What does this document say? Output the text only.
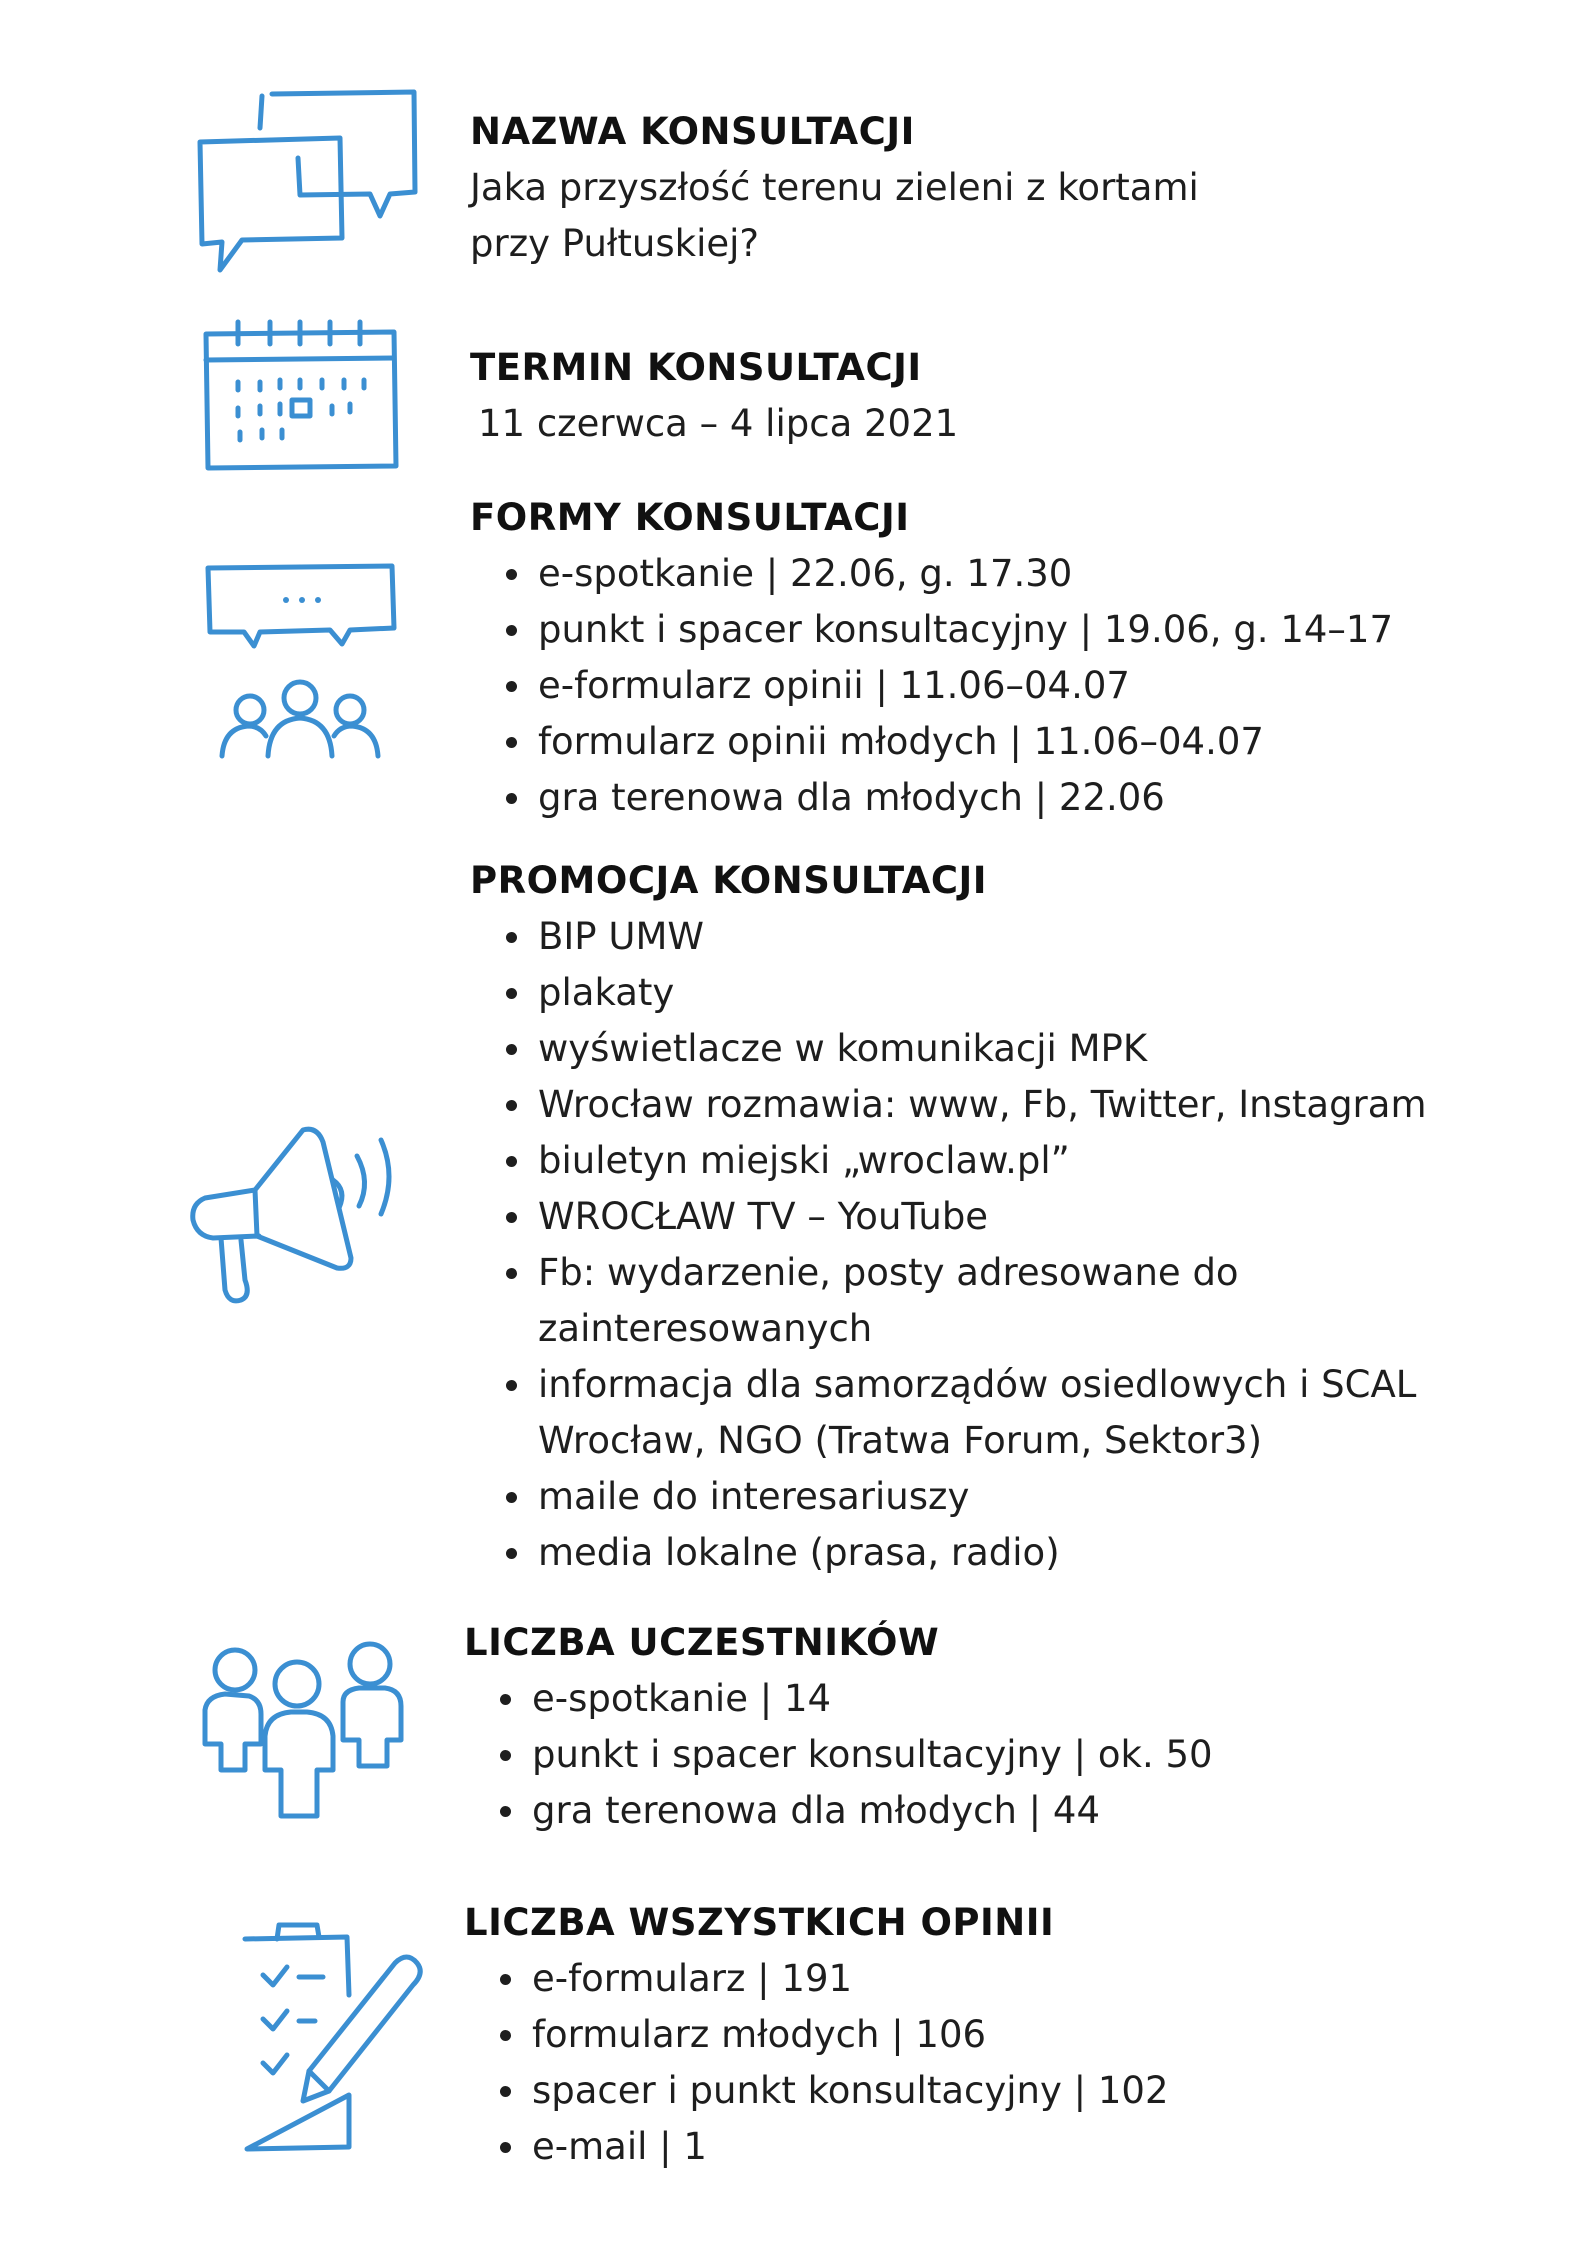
NAZWA KONSULTACJI
Jaka przyszłość terenu zieleni z kortami
przy Pułtuskiej?
TERMIN KONSULTACJI
11 czerwca – 4 lipca 2021
FORMY KONSULTACJI
e-spotkanie | 22.06, g. 17.30
punkt i spacer konsultacyjny | 19.06, g. 14–17
e-formularz opinii | 11.06–04.07
formularz opinii młodych | 11.06–04.07
gra terenowa dla młodych | 22.06
PROMOCJA KONSULTACJI
BIP UMW
plakaty
wyświetlacze w komunikacji MPK
Wrocław rozmawia: www, Fb, Twitter, Instagram
biuletyn miejski „wroclaw.pl”
WROCŁAW TV – YouTube
Fb: wydarzenie, posty adresowane do
zainteresowanych
informacja dla samorządów osiedlowych i SCAL
Wrocław, NGO (Tratwa Forum, Sektor3)
maile do interesariuszy
media lokalne (prasa, radio)
LICZBA UCZESTNIKÓW
e-spotkanie | 14
punkt i spacer konsultacyjny | ok. 50
gra terenowa dla młodych | 44
LICZBA WSZYSTKICH OPINII
e-formularz | 191
formularz młodych | 106
spacer i punkt konsultacyjny | 102
e-mail | 1
